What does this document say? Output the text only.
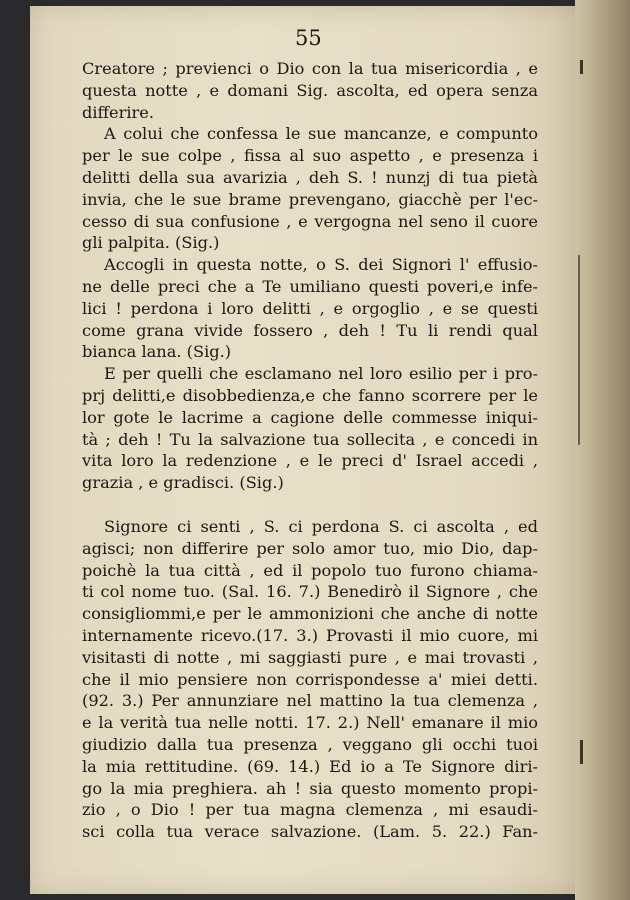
55
Creatore ; previenci o Dio con la tua misericordia , e
questa notte , e domani Sig. ascolta, ed opera senza
differire.
A colui che confessa le sue mancanze, e compunto
per le sue colpe , fissa al suo aspetto , e presenza i
delitti della sua avarizia , deh S. ! nunzj di tua pietà
invia, che le sue brame prevengano, giacchè per l'ec-
cesso di sua confusione , e vergogna nel seno il cuore
gli palpita. (Sig.)
Accogli in questa notte, o S. dei Signori l' effusio-
ne delle preci che a Te umiliano questi poveri,e infe-
lici ! perdona i loro delitti , e orgoglio , e se questi
come grana vivide fossero , deh ! Tu li rendi qual
bianca lana. (Sig.)
E per quelli che esclamano nel loro esilio per i pro-
prj delitti,e disobbedienza,e che fanno scorrere per le
lor gote le lacrime a cagione delle commesse iniqui-
tà ; deh ! Tu la salvazione tua sollecita , e concedi in
vita loro la redenzione , e le preci d' Israel accedi ,
grazia , e gradisci. (Sig.)
Signore ci senti , S. ci perdona S. ci ascolta , ed
agisci; non differire per solo amor tuo, mio Dio, dap-
poichè la tua città , ed il popolo tuo furono chiama-
ti col nome tuo. (Sal. 16. 7.) Benedirò il Signore , che
consigliommi,e per le ammonizioni che anche di notte
internamente ricevo.(17. 3.) Provasti il mio cuore, mi
visitasti di notte , mi saggiasti pure , e mai trovasti ,
che il mio pensiere non corrispondesse a' miei detti.
(92. 3.) Per annunziare nel mattino la tua clemenza ,
e la verità tua nelle notti. 17. 2.) Nell' emanare il mio
giudizio dalla tua presenza , veggano gli occhi tuoi
la mia rettitudine. (69. 14.) Ed io a Te Signore diri-
go la mia preghiera. ah ! sia questo momento propi-
zio , o Dio ! per tua magna clemenza , mi esaudi-
sci colla tua verace salvazione. (Lam. 5. 22.) Fan-
